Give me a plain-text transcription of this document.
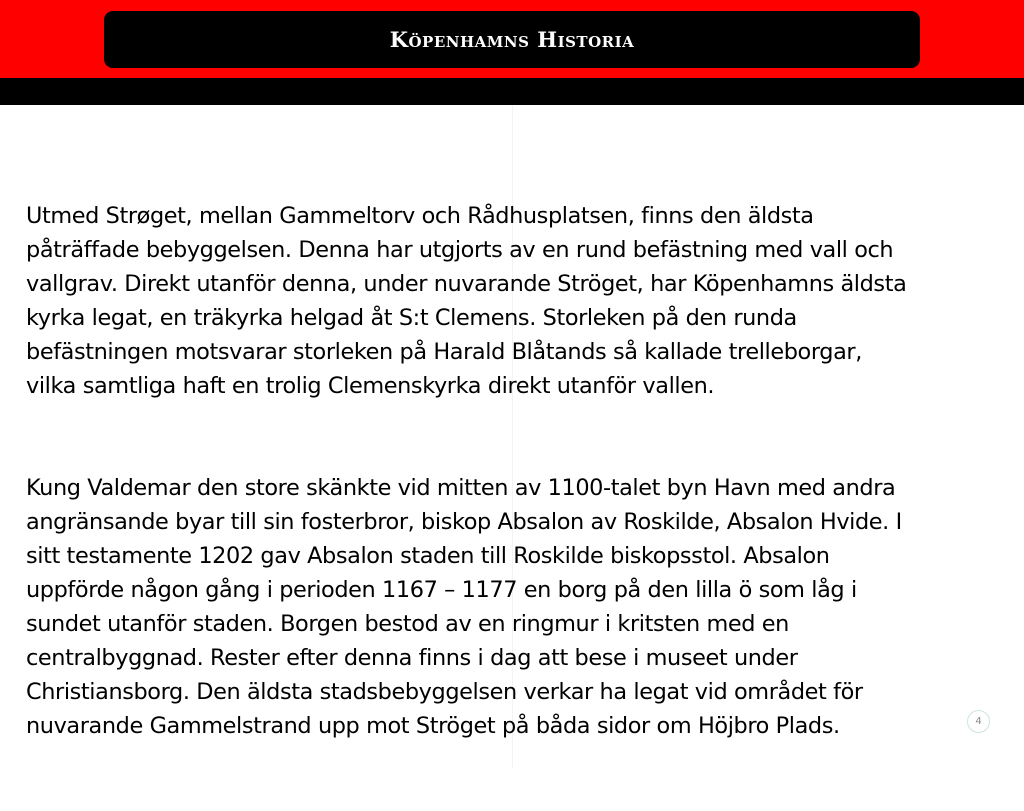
Köpenhamns Historia

Utmed Strøget, mellan Gammeltorv och Rådhusplatsen, finns den äldsta
påträffade bebyggelsen. Denna har utgjorts av en rund befästning med vall och
vallgrav. Direkt utanför denna, under nuvarande Ströget, har Köpenhamns äldsta
kyrka legat, en träkyrka helgad åt S:t Clemens. Storleken på den runda
befästningen motsvarar storleken på Harald Blåtands så kallade trelleborgar,
vilka samtliga haft en trolig Clemenskyrka direkt utanför vallen.

Kung Valdemar den store skänkte vid mitten av 1100-talet byn Havn med andra
angränsande byar till sin fosterbror, biskop Absalon av Roskilde, Absalon Hvide. I
sitt testamente 1202 gav Absalon staden till Roskilde biskopsstol. Absalon
uppförde någon gång i perioden 1167 – 1177 en borg på den lilla ö som låg i
sundet utanför staden. Borgen bestod av en ringmur i kritsten med en
centralbyggnad. Rester efter denna finns i dag att bese i museet under
Christiansborg. Den äldsta stadsbebyggelsen verkar ha legat vid området för
nuvarande Gammelstrand upp mot Ströget på båda sidor om Höjbro Plads.	4
